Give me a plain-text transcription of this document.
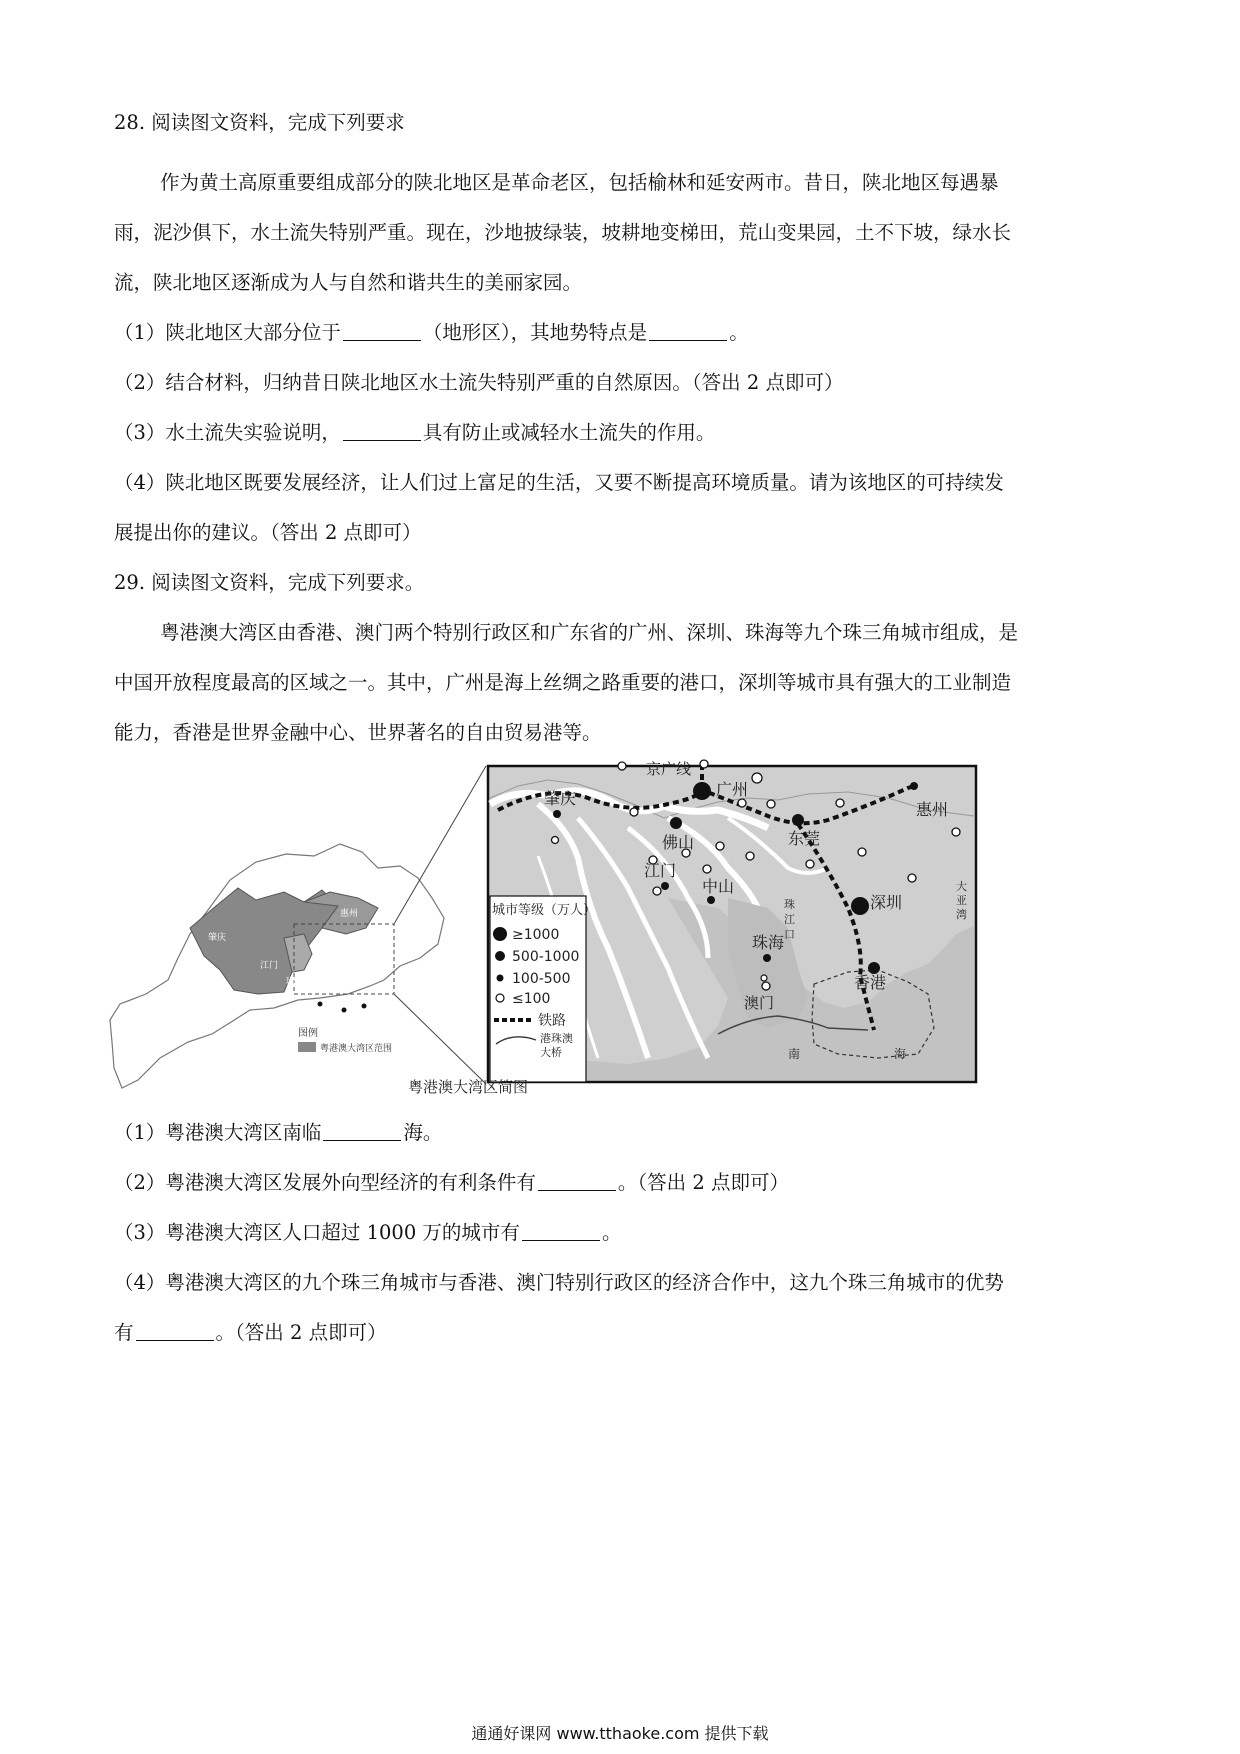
28. 阅读图文资料，完成下列要求
作为黄土高原重要组成部分的陕北地区是革命老区，包括榆林和延安两市。昔日，陕北地区每遇暴
雨，泥沙俱下，水土流失特别严重。现在，沙地披绿装，坡耕地变梯田，荒山变果园，土不下坡，绿水长
流，陕北地区逐渐成为人与自然和谐共生的美丽家园。
（1）陕北地区大部分位于	（地形区），其地势特点是	。
（2）结合材料，归纳昔日陕北地区水土流失特别严重的自然原因。（答出 2 点即可）
（3）水土流失实验说明，	具有防止或减轻水土流失的作用。
（4）陕北地区既要发展经济，让人们过上富足的生活，又要不断提高环境质量。请为该地区的可持续发
展提出你的建议。（答出 2 点即可）
29. 阅读图文资料，完成下列要求。
粤港澳大湾区由香港、澳门两个特别行政区和广东省的广州、深圳、珠海等九个珠三角城市组成，是
中国开放程度最高的区域之一。其中，广州是海上丝绸之路重要的港口，深圳等城市具有强大的工业制造
能力，香港是世界金融中心、世界著名的自由贸易港等。
肇庆
惠州
江门
珠海
东莞
图例
粤港澳大湾区范围
广州
京广线
佛山	东莞
惠州
肇庆
江门
中山
深圳
珠海
香港
澳门
珠
江
口
大
亚
湾
南	海
城市等级（万人）
≥1000
500-1000
100-500
≤100
铁路
港珠澳
大桥
粤港澳大湾区简图
（1）粤港澳大湾区南临	海。
（2）粤港澳大湾区发展外向型经济的有利条件有	。（答出 2 点即可）
（3）粤港澳大湾区人口超过 1000 万的城市有	。
（4）粤港澳大湾区的九个珠三角城市与香港、澳门特别行政区的经济合作中，这九个珠三角城市的优势
有	。（答出 2 点即可）
通通好课网 www.tthaoke.com 提供下载
